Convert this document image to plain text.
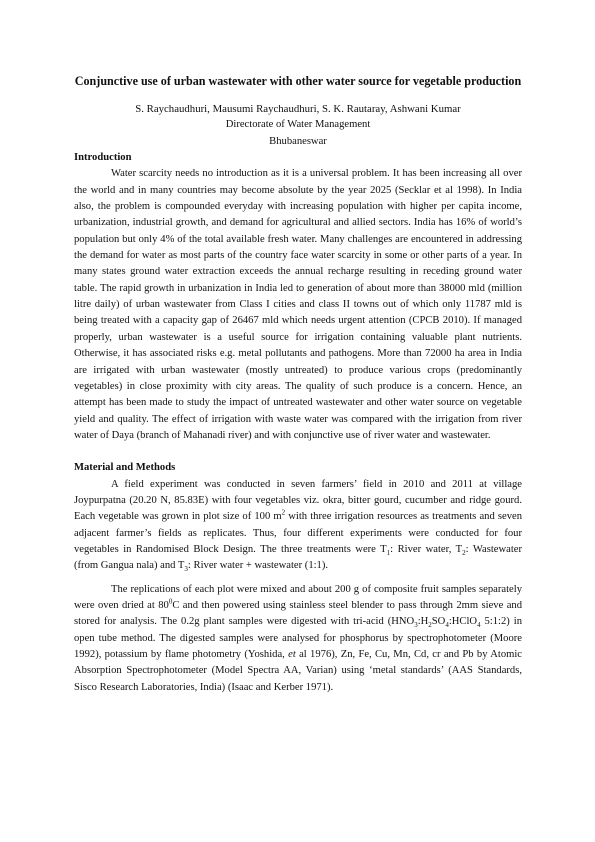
Conjunctive use of urban wastewater with other water source for vegetable production
S. Raychaudhuri, Mausumi Raychaudhuri, S. K. Rautaray, Ashwani Kumar
Directorate of Water Management
Bhubaneswar
Introduction

Water scarcity needs no introduction as it is a universal problem. It has been increasing all over the world and in many countries may become absolute by the year 2025 (Secklar et al 1998). In India also, the problem is compounded everyday with increasing population with higher per capita income, urbanization, industrial growth, and demand for agricultural and allied sectors. India has 16% of world’s population but only 4% of the total available fresh water. Many challenges are encountered in addressing the demand for water as most parts of the country face water scarcity in some or other parts of a year. In many states ground water extraction exceeds the annual recharge resulting in receding ground water table. The rapid growth in urbanization in India led to generation of about more than 38000 mld (million litre daily) of urban wastewater from Class I cities and class II towns out of which only 11787 mld is being treated with a capacity gap of 26467 mld which needs urgent attention (CPCB 2010). If managed properly, urban wastewater is a useful source for irrigation containing valuable plant nutrients. Otherwise, it has associated risks e.g. metal pollutants and pathogens. More than 72000 ha area in India are irrigated with urban wastewater (mostly untreated) to produce various crops (predominantly vegetables) in close proximity with city areas. The quality of such produce is a concern. Hence, an attempt has been made to study the impact of untreated wastewater and other water source on vegetable yield and quality. The effect of irrigation with waste water was compared with the irrigation from river water of Daya (branch of Mahanadi river) and with conjunctive use of river water and wastewater.

Material and Methods

A field experiment was conducted in seven farmers’ field in 2010 and 2011 at village Joypurpatna (20.20 N, 85.83E) with four vegetables viz. okra, bitter gourd, cucumber and ridge gourd. Each vegetable was grown in plot size of 100 $m^2$ with three irrigation resources as treatments and seven adjacent farmer’s fields as replicates. Thus, four different experiments were conducted for four vegetables in Randomised Block Design. The three treatments were $T_1$: River water, $T_2$: Wastewater (from Gangua nala) and $T_3$: River water + wastewater (1:1).

The replications of each plot were mixed and about 200 g of composite fruit samples separately were oven dried at $80^0C$ and then powered using stainless steel blender to pass through 2mm sieve and stored for analysis. The 0.2g plant samples were digested with tri-acid ($HNO_3:H_2SO_4:HClO_4$ 5:1:2) in open tube method. The digested samples were analysed for phosphorus by spectrophotometer (Moore 1992), potassium by flame photometry (Yoshida, et al 1976), Zn, Fe, Cu, Mn, Cd, cr and Pb by Atomic Absorption Spectrophotometer (Model Spectra AA, Varian) using ‘metal standards’ (AAS Standards, Sisco Research Laboratories, India) (Isaac and Kerber 1971).
